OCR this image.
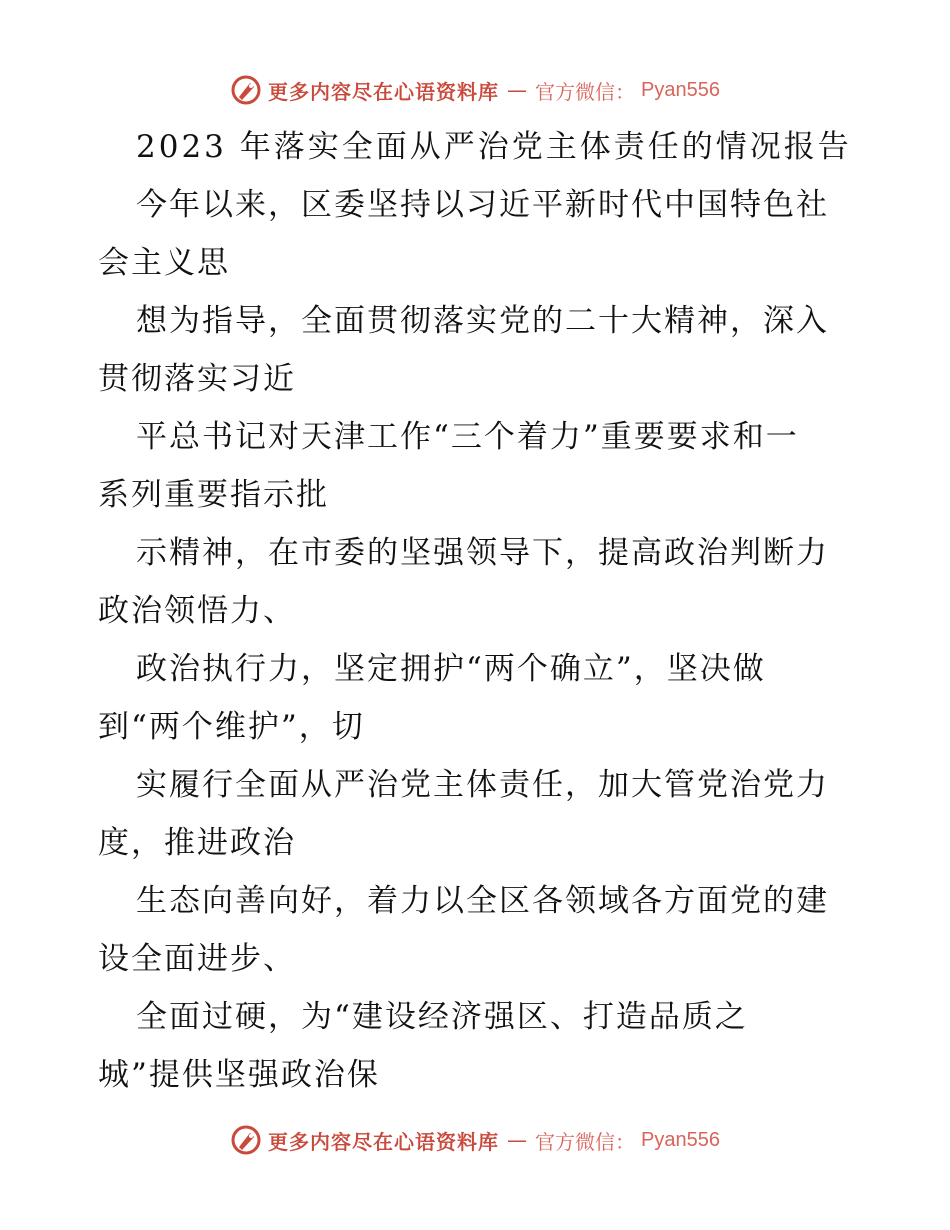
更多内容尽在心语资料库 — 官方微信： Pyan556
2023 年落实全面从严治党主体责任的情况报告
今年以来，区委坚持以习近平新时代中国特色社
会主义思
想为指导，全面贯彻落实党的二十大精神，深入
贯彻落实习近
平总书记对天津工作“三个着力”重要要求和一
系列重要指示批
示精神，在市委的坚强领导下，提高政治判断力
政治领悟力、
政治执行力，坚定拥护“两个确立”，坚决做
到“两个维护”，切
实履行全面从严治党主体责任，加大管党治党力
度，推进政治
生态向善向好，着力以全区各领域各方面党的建
设全面进步、
全面过硬，为“建设经济强区、打造品质之
城”提供坚强政治保
更多内容尽在心语资料库 — 官方微信： Pyan556
